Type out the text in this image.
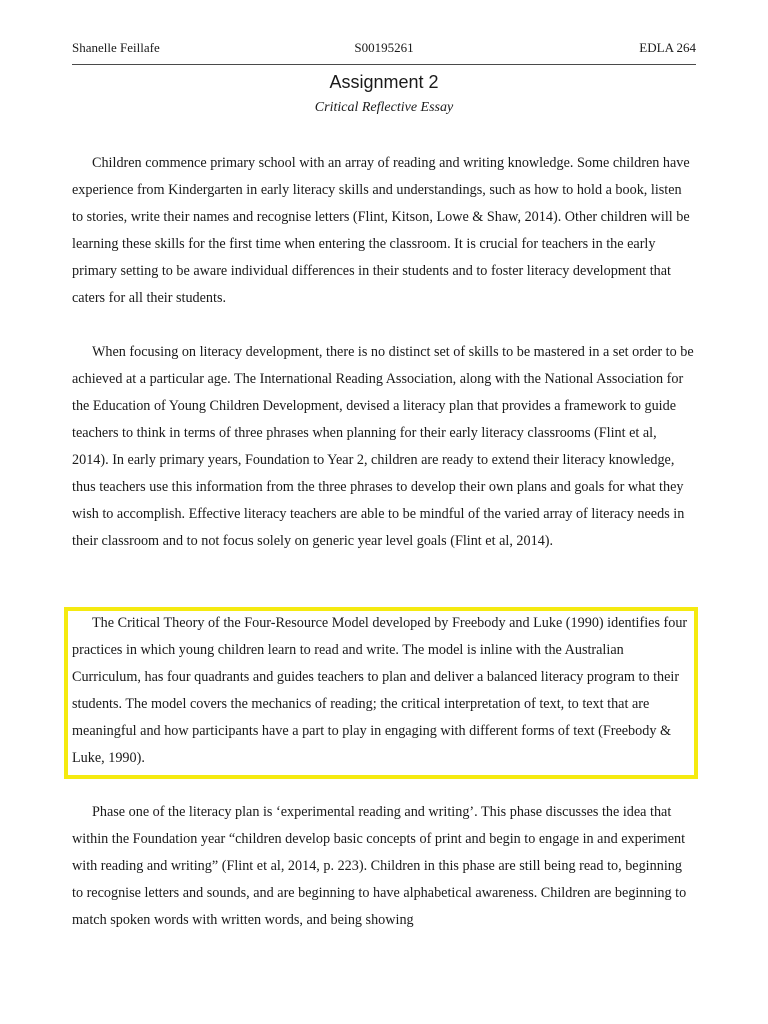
Shanelle Feillafe	S00195261	EDLA 264
Assignment 2

Critical Reflective Essay

Children commence primary school with an array of reading and writing knowledge. Some children have experience from Kindergarten in early literacy skills and understandings, such as how to hold a book, listen to stories, write their names and recognise letters (Flint, Kitson, Lowe & Shaw, 2014). Other children will be learning these skills for the first time when entering the classroom. It is crucial for teachers in the early primary setting to be aware individual differences in their students and to foster literacy development that caters for all their students.

When focusing on literacy development, there is no distinct set of skills to be mastered in a set order to be achieved at a particular age. The International Reading Association, along with the National Association for the Education of Young Children Development, devised a literacy plan that provides a framework to guide teachers to think in terms of three phrases when planning for their early literacy classrooms (Flint et al, 2014). In early primary years, Foundation to Year 2, children are ready to extend their literacy knowledge, thus teachers use this information from the three phrases to develop their own plans and goals for what they wish to accomplish. Effective literacy teachers are able to be mindful of the varied array of literacy needs in their classroom and to not focus solely on generic year level goals (Flint et al, 2014).

The Critical Theory of the Four-Resource Model developed by Freebody and Luke (1990) identifies four practices in which young children learn to read and write. The model is inline with the Australian Curriculum, has four quadrants and guides teachers to plan and deliver a balanced literacy program to their students. The model covers the mechanics of reading; the critical interpretation of text, to text that are meaningful and how participants have a part to play in engaging with different forms of text (Freebody & Luke, 1990).

Phase one of the literacy plan is ‘experimental reading and writing’. This phase discusses the idea that within the Foundation year “children develop basic concepts of print and begin to engage in and experiment with reading and writing” (Flint et al, 2014, p. 223). Children in this phase are still being read to, beginning to recognise letters and sounds, and are beginning to have alphabetical awareness. Children are beginning to match spoken words with written words, and being showing
